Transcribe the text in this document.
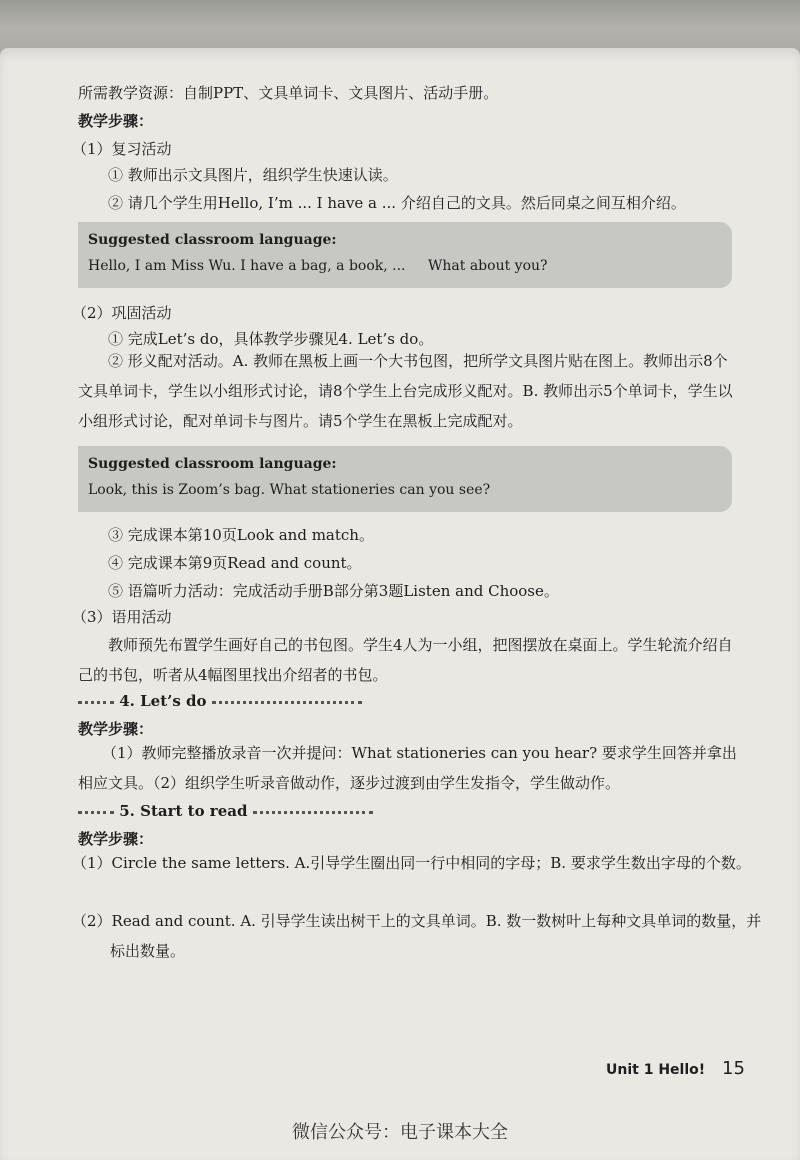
所需教学资源：自制PPT、文具单词卡、文具图片、活动手册。
教学步骤：
（1）复习活动
① 教师出示文具图片，组织学生快速认读。
② 请几个学生用Hello, I’m ... I have a ... 介绍自己的文具。然后同桌之间互相介绍。
Suggested classroom language:
Hello, I am Miss Wu. I have a bag, a book, ... What about you?
（2）巩固活动
① 完成Let’s do，具体教学步骤见4. Let’s do。
② 形义配对活动。A. 教师在黑板上画一个大书包图，把所学文具图片贴在图上。教师出示8个文具单词卡，学生以小组形式讨论，请8个学生上台完成形义配对。B. 教师出示5个单词卡，学生以小组形式讨论，配对单词卡与图片。请5个学生在黑板上完成配对。
Suggested classroom language:
Look, this is Zoom’s bag. What stationeries can you see?
③ 完成课本第10页Look and match。
④ 完成课本第9页Read and count。
⑤ 语篇听力活动：完成活动手册B部分第3题Listen and Choose。
（3）语用活动
教师预先布置学生画好自己的书包图。学生4人为一小组，把图摆放在桌面上。学生轮流介绍自己的书包，听者从4幅图里找出介绍者的书包。
4. Let’s do
教学步骤：
（1）教师完整播放录音一次并提问：What stationeries can you hear? 要求学生回答并拿出相应文具。（2）组织学生听录音做动作，逐步过渡到由学生发指令，学生做动作。
5. Start to read
教学步骤：
（1）Circle the same letters. A.引导学生圈出同一行中相同的字母；B. 要求学生数出字母的个数。
（2）Read and count. A. 引导学生读出树干上的文具单词。B. 数一数树叶上每种文具单词的数量，并标出数量。
Unit 1 Hello! 15
微信公众号：电子课本大全
